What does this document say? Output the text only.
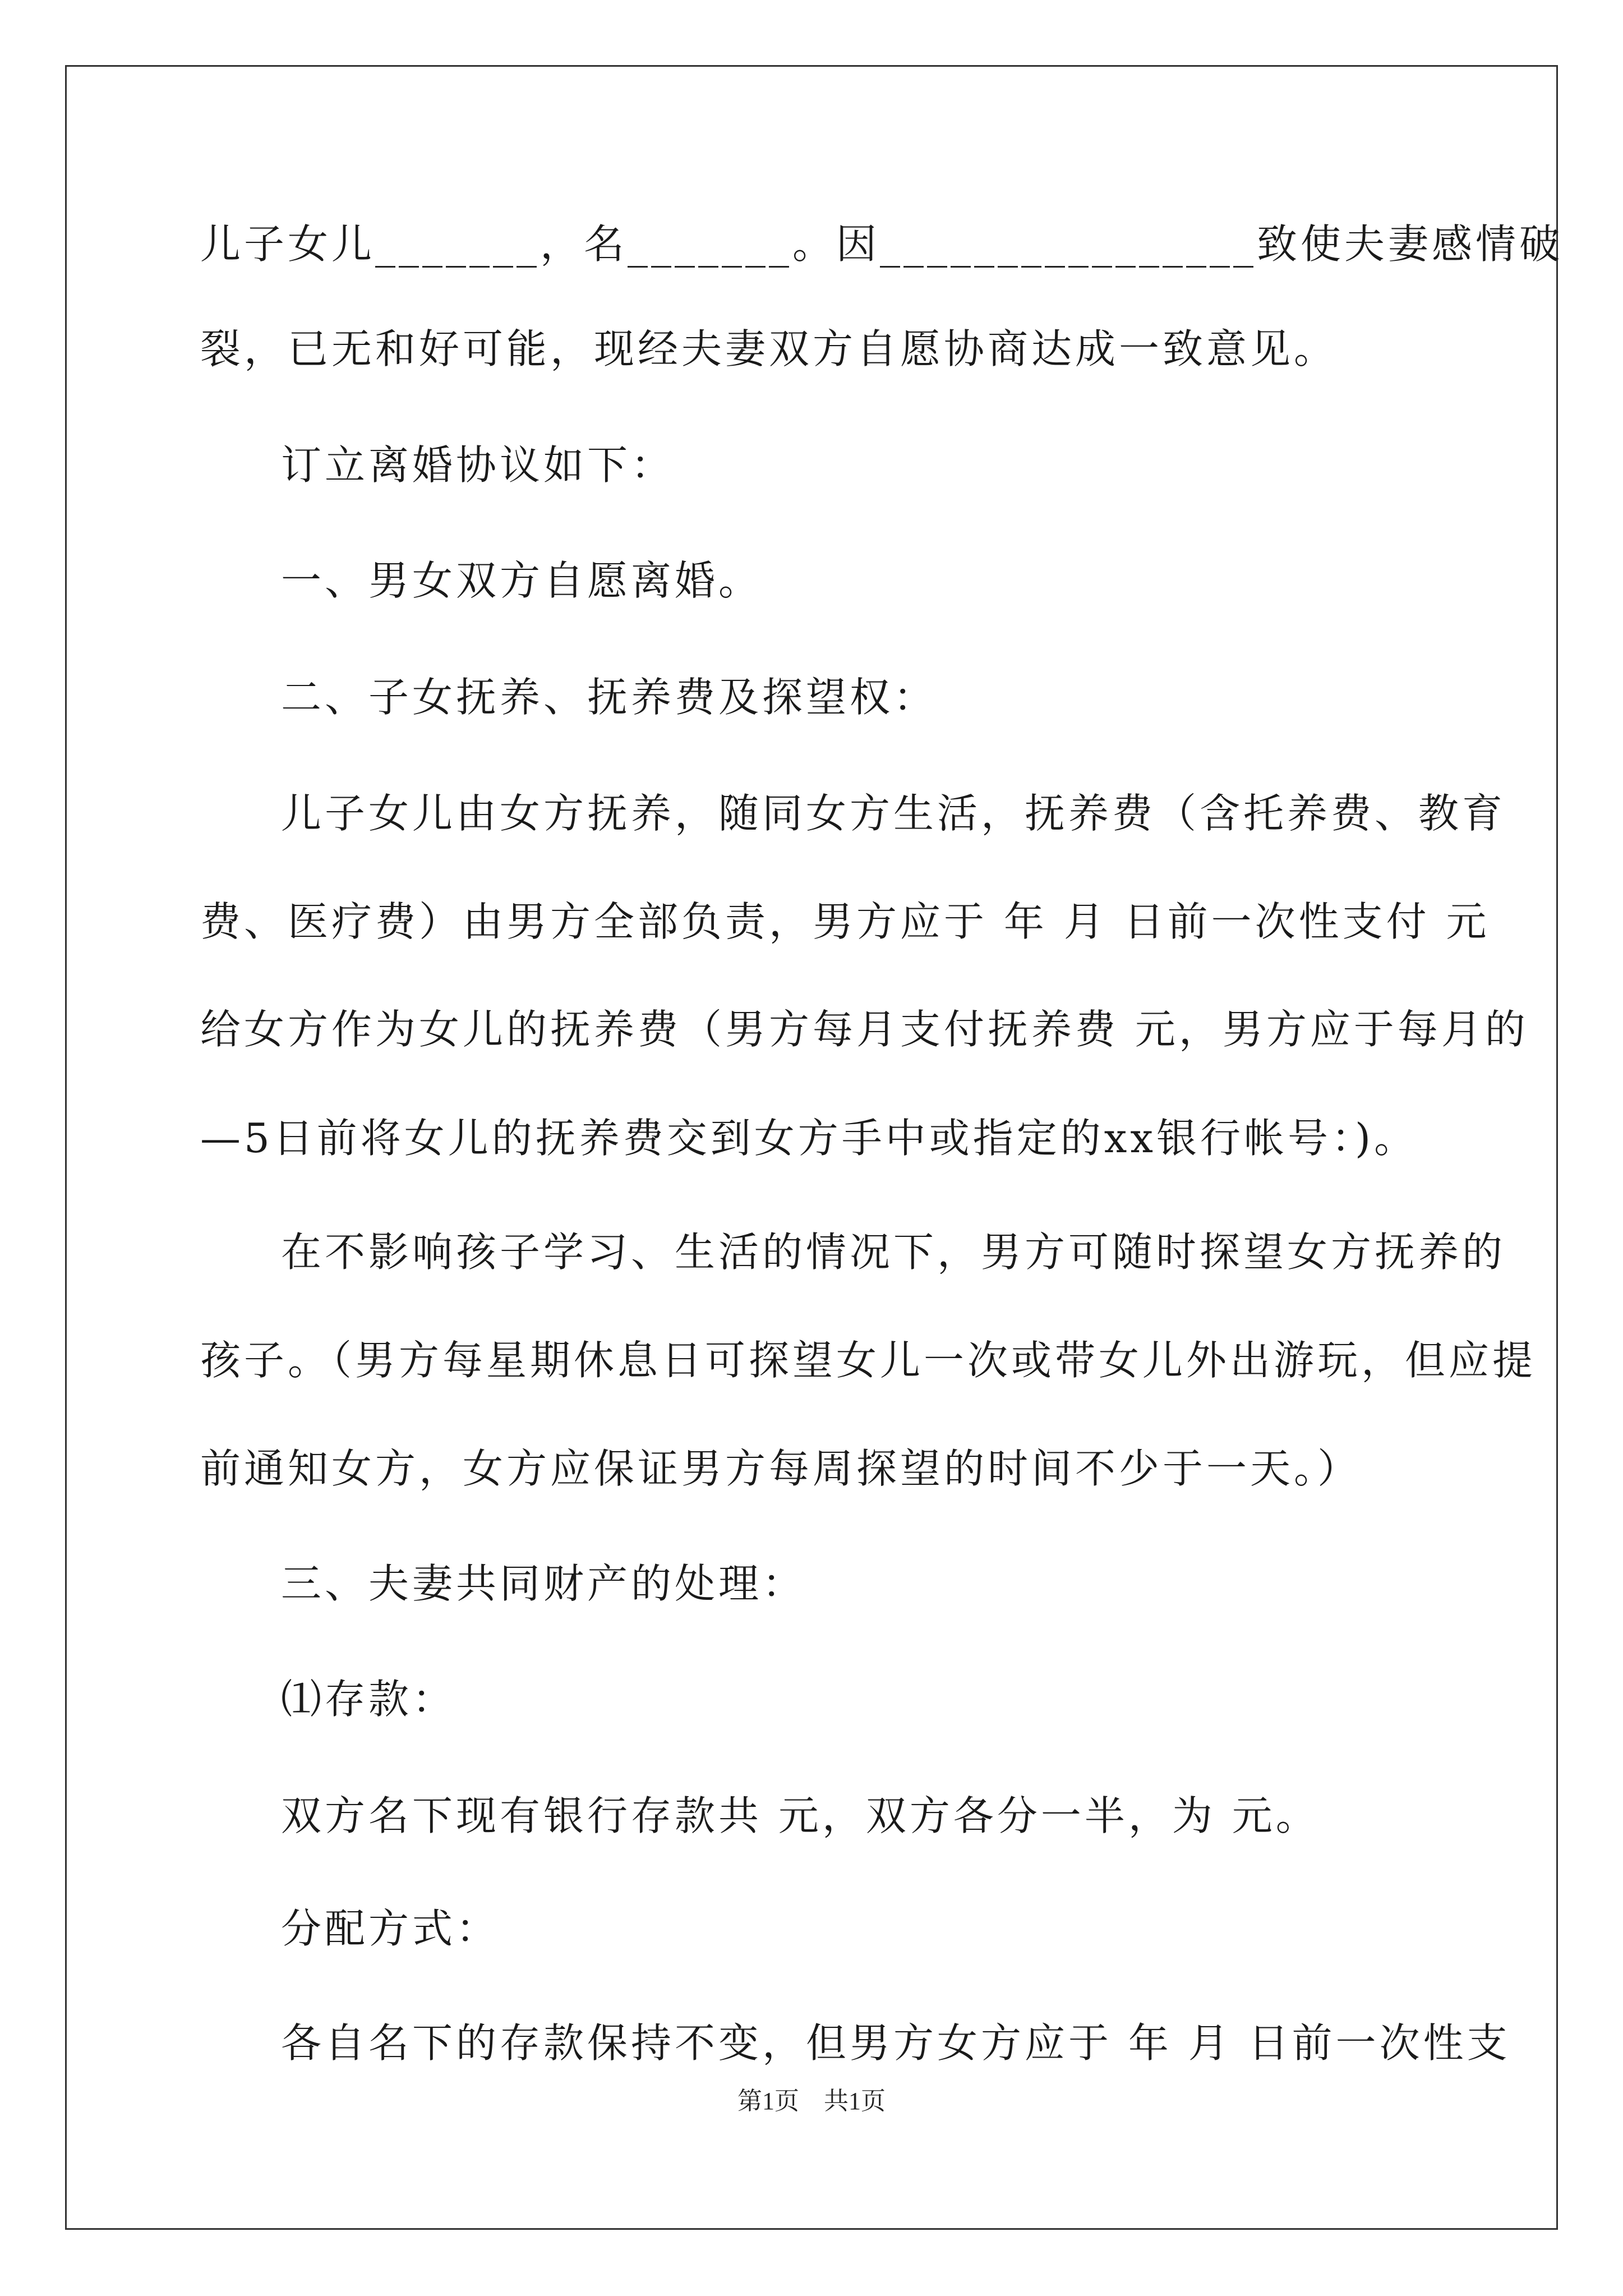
儿子女儿_______，名_______。因________________致使夫妻感情破
裂，已无和好可能，现经夫妻双方自愿协商达成一致意见。
订立离婚协议如下：
一、男女双方自愿离婚。
二、子女抚养、抚养费及探望权：
儿子女儿由女方抚养，随同女方生活，抚养费（含托养费、教育
费、医疗费）由男方全部负责，男方应于 年 月 日前一次性支付 元
给女方作为女儿的抚养费（男方每月支付抚养费 元，男方应于每月的
—5日前将女儿的抚养费交到女方手中或指定的xx银行帐号：)。
在不影响孩子学习、生活的情况下，男方可随时探望女方抚养的
孩子。（男方每星期休息日可探望女儿一次或带女儿外出游玩，但应提
前通知女方，女方应保证男方每周探望的时间不少于一天。）
三、夫妻共同财产的处理：
⑴存款：
双方名下现有银行存款共 元，双方各分一半，为 元。
分配方式：
各自名下的存款保持不变，但男方女方应于 年 月 日前一次性支
第1页　共1页
